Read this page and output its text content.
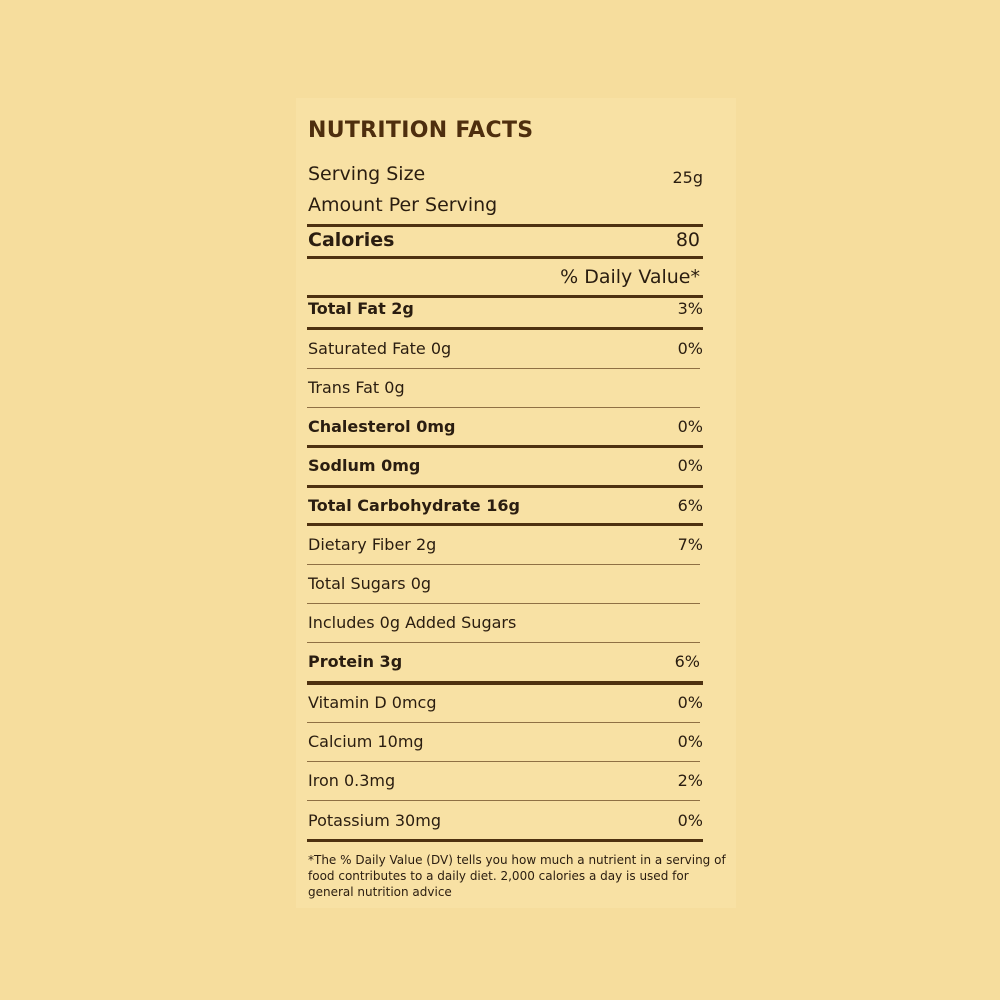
NUTRITION FACTS
Serving Size	25g
Amount Per Serving
Calories	80
% Daily Value*
Total Fat 2g	3%
Saturated Fate 0g	0%
Trans Fat 0g
Chalesterol 0mg	0%
Sodlum 0mg	0%
Total Carbohydrate 16g	6%
Dietary Fiber 2g	7%
Total Sugars 0g
Includes 0g Added Sugars
Protein 3g	6%
Vitamin D 0mcg	0%
Calcium 10mg	0%
Iron 0.3mg	2%
Potassium 30mg	0%
*The % Daily Value (DV) tells you how much a nutrient in a serving of food contributes to a daily diet. 2,000 calories a day is used for general nutrition advice
